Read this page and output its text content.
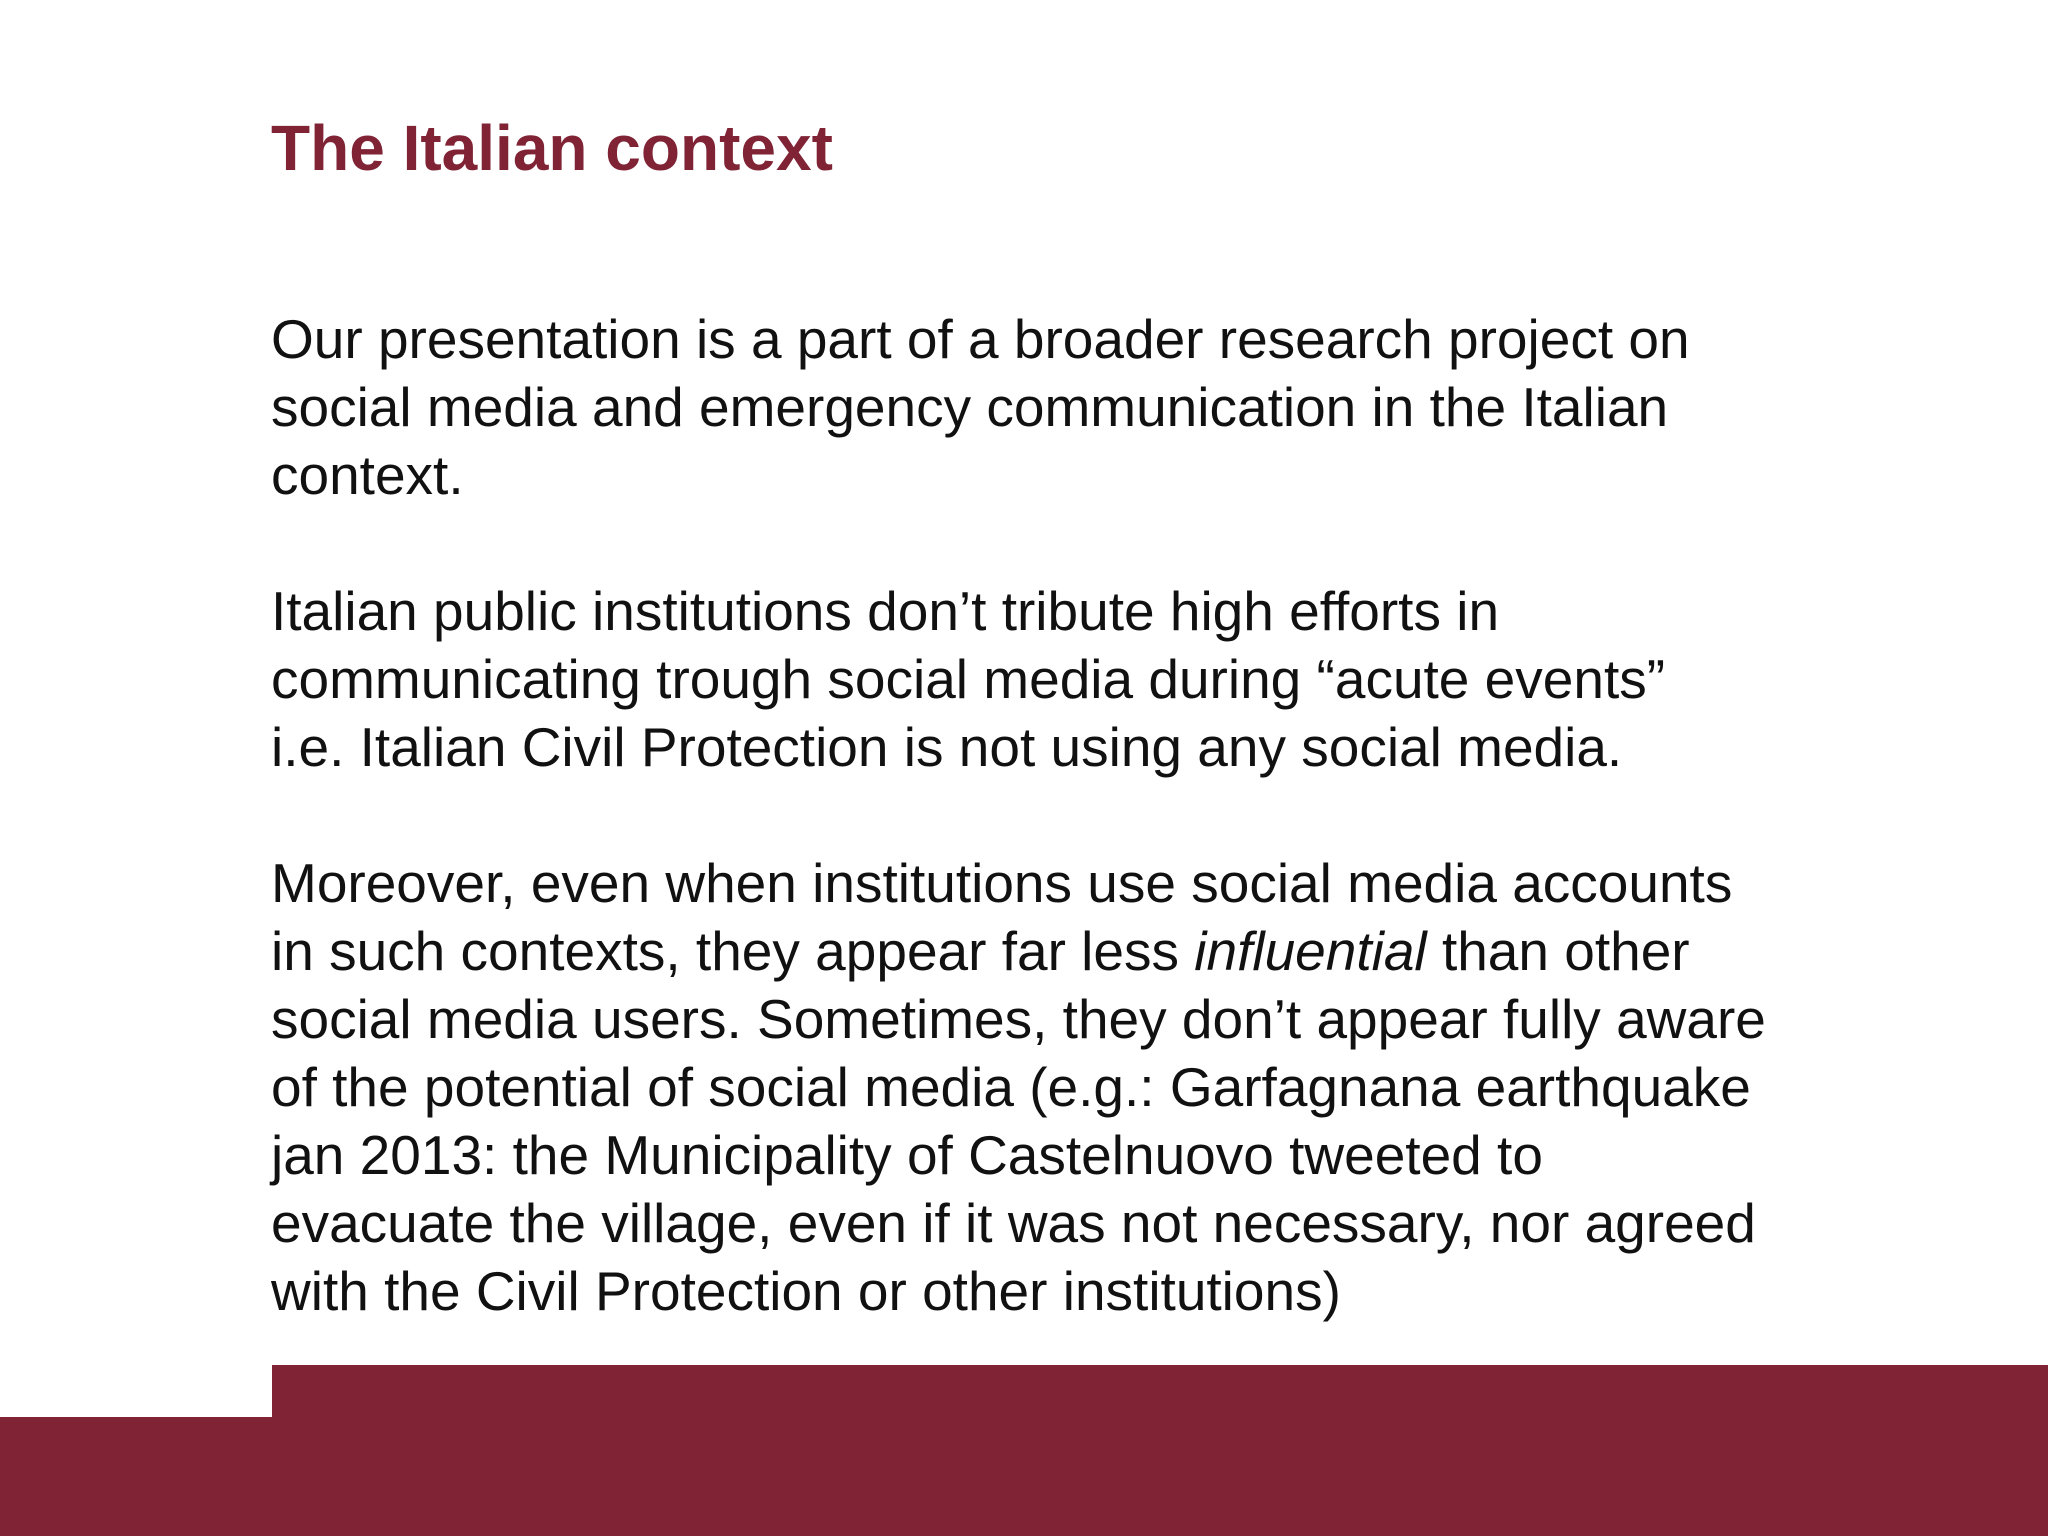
The Italian context

Our presentation is a part of a broader research project on
social media and emergency communication in the Italian
context.

Italian public institutions don’t tribute high efforts in
communicating trough social media during “acute events”
i.e. Italian Civil Protection is not using any social media.

Moreover, even when institutions use social media accounts
in such contexts, they appear far less influential than other
social media users. Sometimes, they don’t appear fully aware
of the potential of social media (e.g.: Garfagnana earthquake
jan 2013: the Municipality of Castelnuovo tweeted to
evacuate the village, even if it was not necessary, nor agreed
with the Civil Protection or other institutions)
